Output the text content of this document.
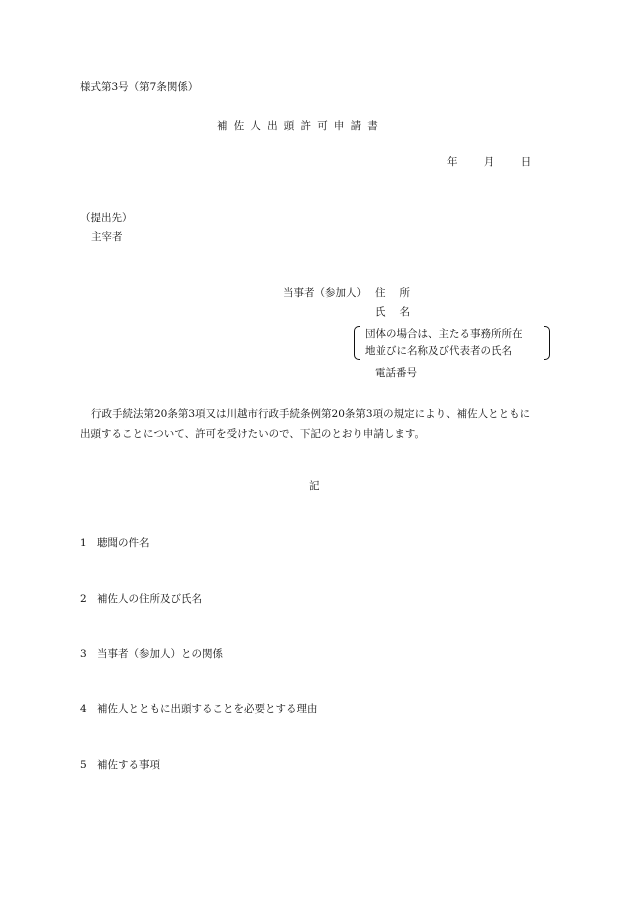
様式第3号（第7条関係）
補佐人出頭許可申請書
年	月	日
（提出先）
主宰者
当事者（参加人） 住所
氏名
団体の場合は、主たる事務所所在
地並びに名称及び代表者の氏名
電話番号
行政手続法第20条第3項又は川越市行政手続条例第20条第3項の規定により、補佐人とともに出頭することについて、許可を受けたいので、下記のとおり申請します。
記
1 聴聞の件名
2 補佐人の住所及び氏名
3 当事者（参加人）との関係
4 補佐人とともに出頭することを必要とする理由
5 補佐する事項
